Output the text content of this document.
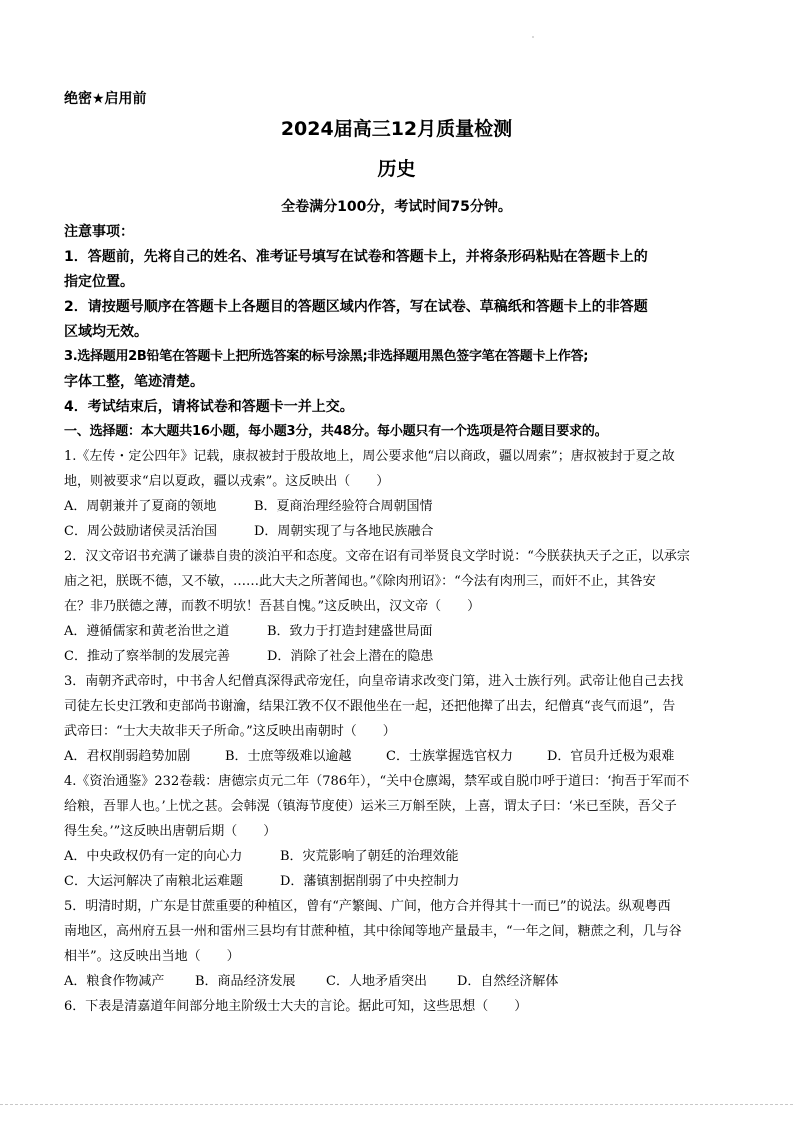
绝密★启用前
2024届高三12月质量检测
历史
全卷满分100分，考试时间75分钟。
注意事项：
1．答题前，先将自己的姓名、准考证号填写在试卷和答题卡上，并将条形码粘贴在答题卡上的
指定位置。
2．请按题号顺序在答题卡上各题目的答题区域内作答，写在试卷、草稿纸和答题卡上的非答题
区域均无效。
3.选择题用2B铅笔在答题卡上把所选答案的标号涂黑;非选择题用黑色签字笔在答题卡上作答;
字体工整，笔迹清楚。
4．考试结束后，请将试卷和答题卡一并上交。
一、选择题：本大题共16小题，每小题3分，共48分。每小题只有一个选项是符合题目要求的。
1.《左传・定公四年》记载，康叔被封于殷故地上，周公要求他“启以商政，疆以周索”；唐叔被封于夏之故
地，则被要求“启以夏政，疆以戎索”。这反映出（　　）
A．周朝兼并了夏商的领地	B．夏商治理经验符合周朝国情
C．周公鼓励诸侯灵活治国	D．周朝实现了与各地民族融合
2．汉文帝诏书充满了谦恭自贵的淡泊平和态度。文帝在诏有司举贤良文学时说：“今朕获执天子之正，以承宗
庙之祀，朕既不德，又不敏，……此大夫之所著闻也。”《除肉刑诏》：“今法有肉刑三，而奸不止，其咎安
在？非乃朕德之薄，而教不明欤！吾甚自愧。”这反映出，汉文帝（　　）
A．遵循儒家和黄老治世之道	B．致力于打造封建盛世局面
C．推动了察举制的发展完善	D．消除了社会上潜在的隐患
3．南朝齐武帝时，中书舍人纪僧真深得武帝宠任，向皇帝请求改变门第，进入士族行列。武帝让他自己去找
司徒左长史江敩和吏部尚书谢瀹，结果江敩不仅不跟他坐在一起，还把他撵了出去，纪僧真“丧气而退”，告
武帝曰：“士大夫故非天子所命。”这反映出南朝时（　　）
A．君权削弱趋势加剧	B．士庶等级难以逾越	C．士族掌握选官权力	D．官员升迁极为艰难
4.《资治通鉴》232卷载：唐德宗贞元二年（786年），“关中仓廪竭，禁军或自脱巾呼于道曰：‘拘吾于军而不
给粮，吾罪人也。’上忧之甚。会韩滉（镇海节度使）运米三万斛至陕，上喜，谓太子曰：‘米已至陕，吾父子
得生矣。’”这反映出唐朝后期（　　）
A．中央政权仍有一定的向心力	B．灾荒影响了朝廷的治理效能
C．大运河解决了南粮北运难题	D．藩镇割据削弱了中央控制力
5．明清时期，广东是甘蔗重要的种植区，曾有“产繁闽、广间，他方合并得其十一而已”的说法。纵观粤西
南地区，高州府五县一州和雷州三县均有甘蔗种植，其中徐闻等地产量最丰，“一年之间，糖蔗之利，几与谷
相半”。这反映出当地（　　）
A．粮食作物减产 B．商品经济发展 C．人地矛盾突出 D．自然经济解体
6．下表是清嘉道年间部分地主阶级士大夫的言论。据此可知，这些思想（　　）
